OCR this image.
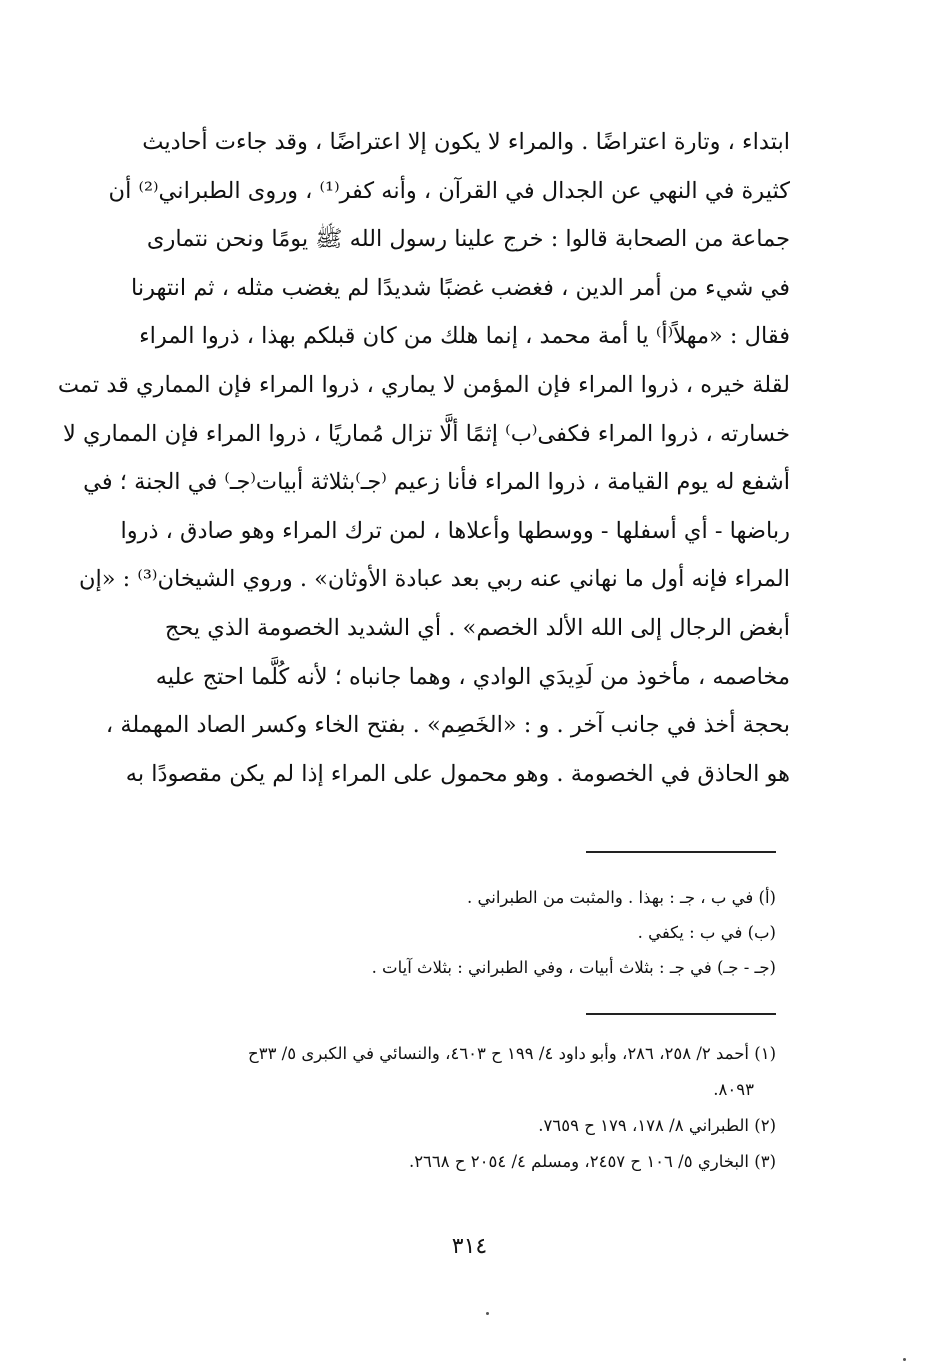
ابتداء ، وتارة اعتراضًا . والمراء لا يكون إلا اعتراضًا ، وقد جاءت أحاديث
كثيرة في النهي عن الجدال في القرآن ، وأنه كفر⁽¹⁾ ، وروى الطبراني⁽²⁾ أن
جماعة من الصحابة قالوا : خرج علينا رسول الله ﷺ يومًا ونحن نتمارى
في شيء من أمر الدين ، فغضب غضبًا شديدًا لم يغضب مثله ، ثم انتهرنا
فقال : «مهلاً⁽أ⁾ يا أمة محمد ، إنما هلك من كان قبلكم بهذا ، ذروا المراء
لقلة خيره ، ذروا المراء فإن المؤمن لا يماري ، ذروا المراء فإن المماري قد تمت
خسارته ، ذروا المراء فكفى⁽ب⁾ إثمًا ألَّا تزال مُماريًا ، ذروا المراء فإن المماري لا
أشفع له يوم القيامة ، ذروا المراء فأنا زعيم ⁽جـ⁾بثلاثة أبيات⁽جـ⁾ في الجنة ؛ في
رباضها - أي أسفلها - ووسطها وأعلاها ، لمن ترك المراء وهو صادق ، ذروا
المراء فإنه أول ما نهاني عنه ربي بعد عبادة الأوثان» . وروي الشيخان⁽³⁾ : «إن
أبغض الرجال إلى الله الألد الخصم» . أي الشديد الخصومة الذي يحج
مخاصمه ، مأخوذ من لَدِيدَي الوادي ، وهما جانباه ؛ لأنه كُلَّما احتج عليه
بحجة أخذ في جانب آخر . و : «الخَصِم» . بفتح الخاء وكسر الصاد المهملة ،
هو الحاذق في الخصومة . وهو محمول على المراء إذا لم يكن مقصودًا به
(أ) في ب ، جـ : بهذا . والمثبت من الطبراني .
(ب) في ب : يكفي .
(جـ - جـ) في جـ : بثلاث أبيات ، وفي الطبراني : بثلاث آيات .
(١) أحمد ٢/ ٢٥٨، ٢٨٦، وأبو داود ٤/ ١٩٩ ح ٤٦٠٣، والنسائي في الكبرى ٥/ ٣٣ح
٨٠٩٣.
(٢) الطبراني ٨/ ١٧٨، ١٧٩ ح ٧٦٥٩.
(٣) البخاري ٥/ ١٠٦ ح ٢٤٥٧، ومسلم ٤/ ٢٠٥٤ ح ٢٦٦٨.
٣١٤
